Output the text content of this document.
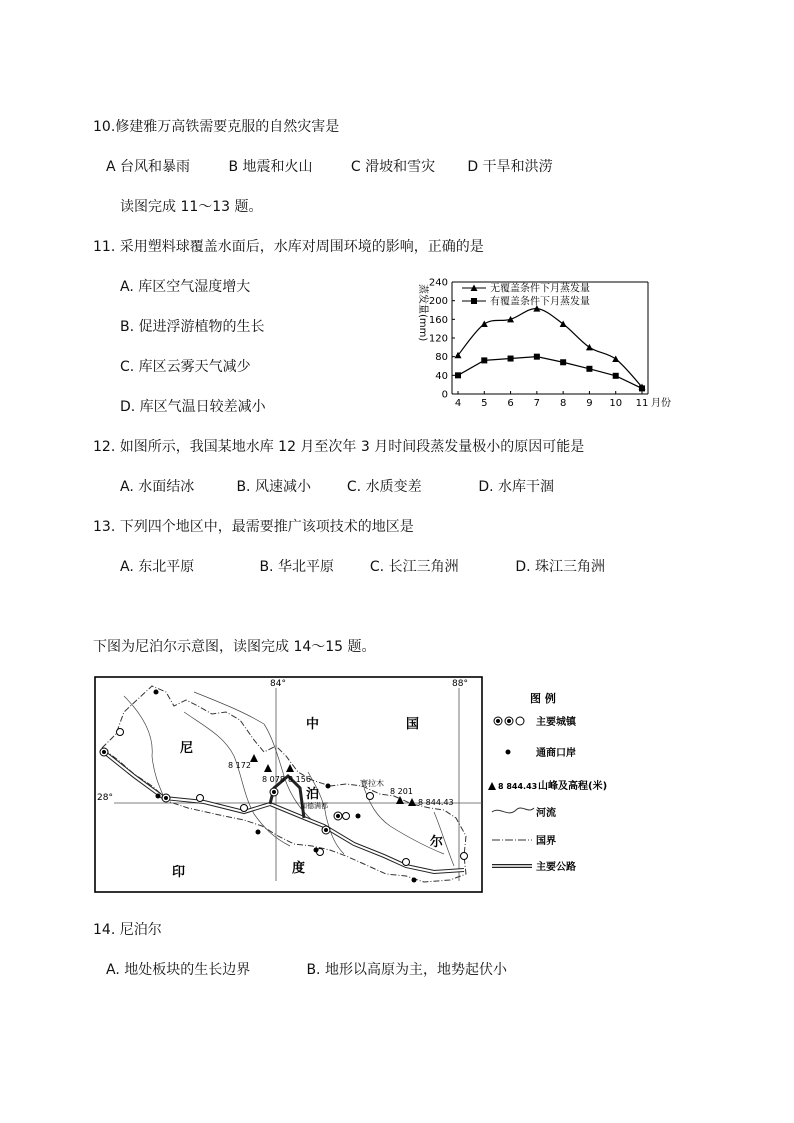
10.修建雅万高铁需要克服的自然灾害是
A 台风和暴雨	B 地震和火山	C 滑坡和雪灾 D 干旱和洪涝
读图完成 11～13 题。
11. 采用塑料球覆盖水面后，水库对周围环境的影响，正确的是
A. 库区空气湿度增大
B. 促进浮游植物的生长
C. 库区云雾天气减少
D. 库区气温日较差减小
蒸发量(mm)
0
40
80
120
160
200
240
4 5 6 7 8 9 10 11
无覆盖条件下月蒸发量
有覆盖条件下月蒸发量
月份
12. 如图所示，我国某地水库 12 月至次年 3 月时间段蒸发量极小的原因可能是
A. 水面结冰	B. 风速减小	C. 水质变差	D. 水库干涸
13. 下列四个地区中，最需要推广该项技术的地区是
A. 东北平原	B. 华北平原	C. 长江三角洲	D. 珠江三角洲
下图为尼泊尔示意图，读图完成 14～15 题。
84°	88°
28°
8 172
8 078 8 156
8 201
8 844.43
赛拉木
加德满都
中	国
尼
泊
尔
印	度
图 例
主要城镇
通商口岸
8 844.43 山峰及高程(米)
河流
国界
主要公路
14. 尼泊尔
A. 地处板块的生长边界	B. 地形以高原为主，地势起伏小
